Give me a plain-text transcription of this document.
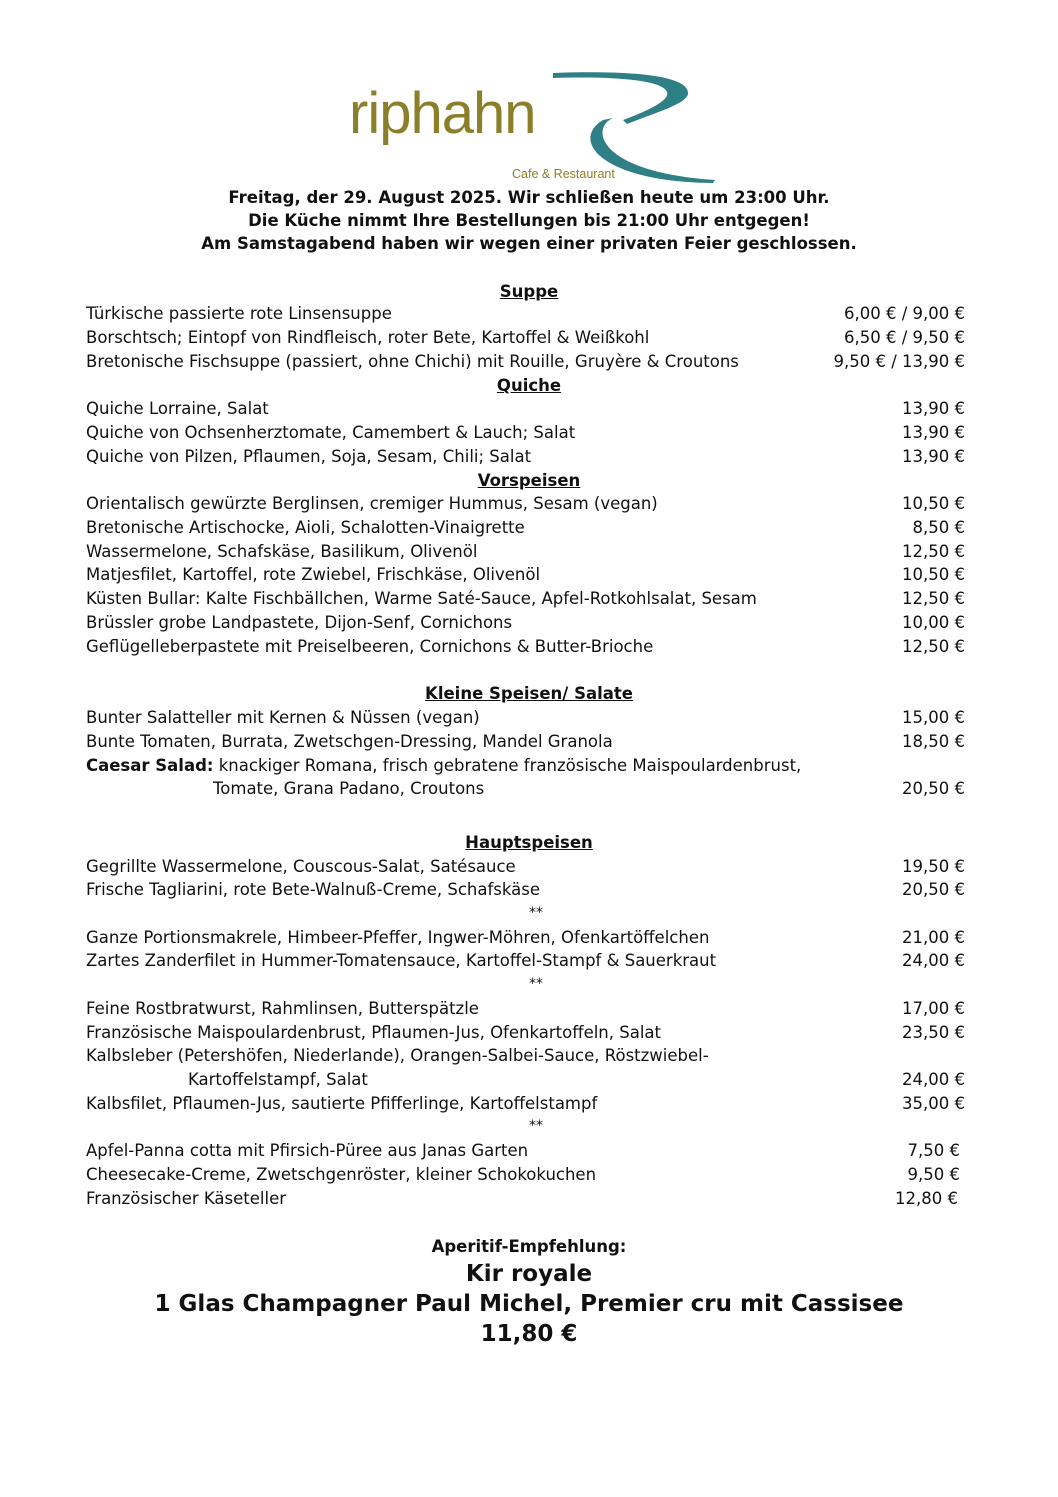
riphahn
Cafe & Restaurant
Freitag, der 29. August 2025. Wir schließen heute um 23:00 Uhr.
Die Küche nimmt Ihre Bestellungen bis 21:00 Uhr entgegen!
Am Samstagabend haben wir wegen einer privaten Feier geschlossen.
Suppe
Türkische passierte rote Linsensuppe	6,00 € / 9,00 €
Borschtsch; Eintopf von Rindfleisch, roter Bete, Kartoffel & Weißkohl	6,50 € / 9,50 €
Bretonische Fischsuppe (passiert, ohne Chichi) mit Rouille, Gruyère & Croutons	9,50 € / 13,90 €
Quiche
Quiche Lorraine, Salat	13,90 €
Quiche von Ochsenherztomate, Camembert & Lauch; Salat	13,90 €
Quiche von Pilzen, Pflaumen, Soja, Sesam, Chili; Salat	13,90 €
Vorspeisen
Orientalisch gewürzte Berglinsen, cremiger Hummus, Sesam (vegan)	10,50 €
Bretonische Artischocke, Aioli, Schalotten-Vinaigrette	8,50 €
Wassermelone, Schafskäse, Basilikum, Olivenöl	12,50 €
Matjesfilet, Kartoffel, rote Zwiebel, Frischkäse, Olivenöl	10,50 €
Küsten Bullar: Kalte Fischbällchen, Warme Saté-Sauce, Apfel-Rotkohlsalat, Sesam	12,50 €
Brüssler grobe Landpastete, Dijon-Senf, Cornichons	10,00 €
Geflügelleberpastete mit Preiselbeeren, Cornichons & Butter-Brioche	12,50 €
Kleine Speisen/ Salate
Bunter Salatteller mit Kernen & Nüssen (vegan)	15,00 €
Bunte Tomaten, Burrata, Zwetschgen-Dressing, Mandel Granola	18,50 €
Caesar Salad: knackiger Romana, frisch gebratene französische Maispoulardenbrust,
Tomate, Grana Padano, Croutons	20,50 €
Hauptspeisen
Gegrillte Wassermelone, Couscous-Salat, Satésauce	19,50 €
Frische Tagliarini, rote Bete-Walnuß-Creme, Schafskäse	20,50 €
**
Ganze Portionsmakrele, Himbeer-Pfeffer, Ingwer-Möhren, Ofenkartöffelchen	21,00 €
Zartes Zanderfilet in Hummer-Tomatensauce, Kartoffel-Stampf & Sauerkraut	24,00 €
**
Feine Rostbratwurst, Rahmlinsen, Butterspätzle	17,00 €
Französische Maispoulardenbrust, Pflaumen-Jus, Ofenkartoffeln, Salat	23,50 €
Kalbsleber (Petershöfen, Niederlande), Orangen-Salbei-Sauce, Röstzwiebel-
Kartoffelstampf, Salat	24,00 €
Kalbsfilet, Pflaumen-Jus, sautierte Pfifferlinge, Kartoffelstampf	35,00 €
**
Apfel-Panna cotta mit Pfirsich-Püree aus Janas Garten	7,50 €
Cheesecake-Creme, Zwetschgenröster, kleiner Schokokuchen	9,50 €
Französischer Käseteller	12,80 €
Aperitif-Empfehlung:
Kir royale
1 Glas Champagner Paul Michel, Premier cru mit Cassisee
11,80 €
